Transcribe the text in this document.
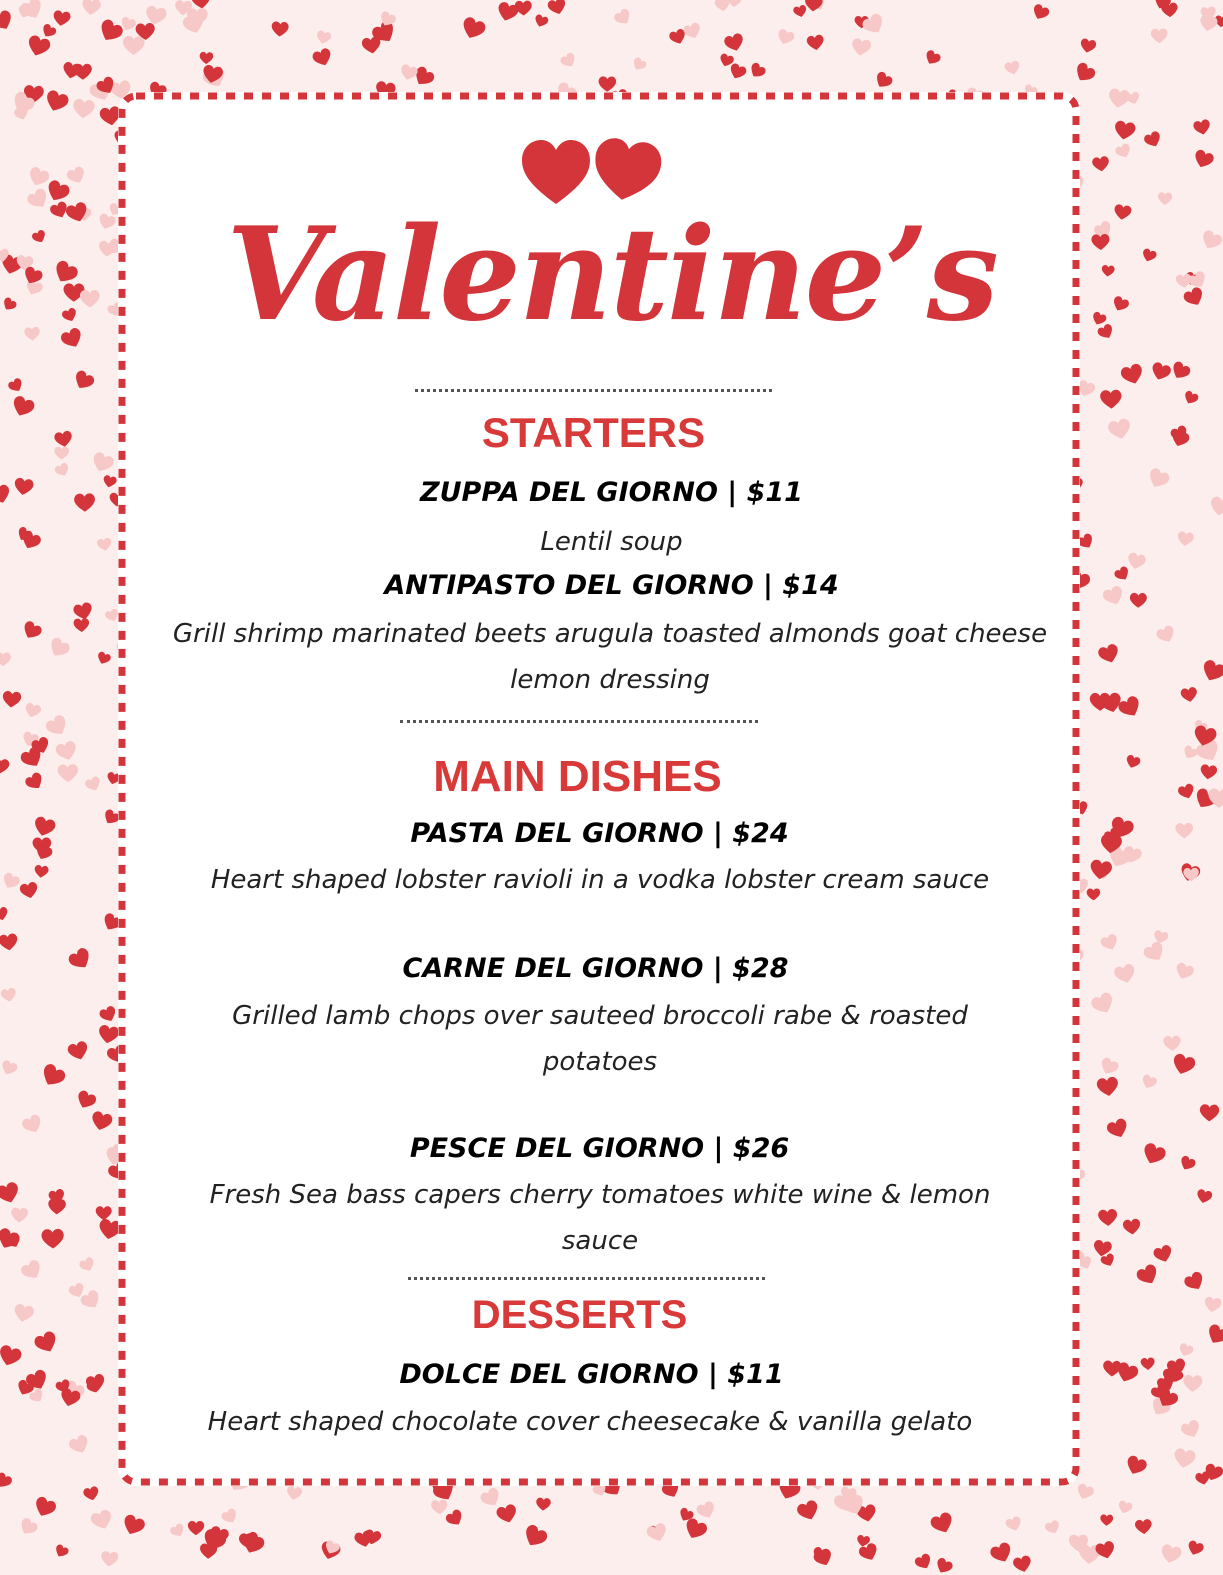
Valentine’s
STARTERS

ZUPPA DEL GIORNO | $11

Lentil soup

ANTIPASTO DEL GIORNO | $14

Grill shrimp marinated beets arugula toasted almonds goat cheese lemon dressing

MAIN DISHES

PASTA DEL GIORNO | $24

Heart shaped lobster ravioli in a vodka lobster cream sauce

CARNE DEL GIORNO | $28

Grilled lamb chops over sauteed broccoli rabe & roasted potatoes

PESCE DEL GIORNO | $26

Fresh Sea bass capers cherry tomatoes white wine & lemon sauce

DESSERTS

DOLCE DEL GIORNO | $11

Heart shaped chocolate cover cheesecake & vanilla gelato
